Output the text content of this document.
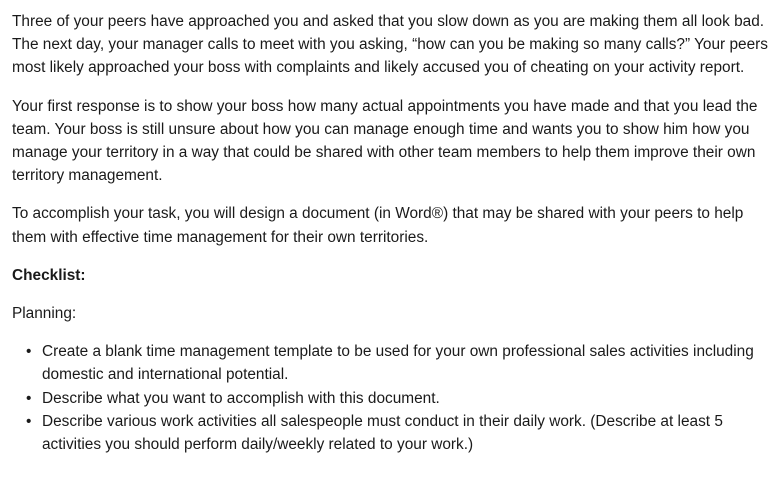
Three of your peers have approached you and asked that you slow down as you are making them all look bad. The next day, your manager calls to meet with you asking, “how can you be making so many calls?” Your peers most likely approached your boss with complaints and likely accused you of cheating on your activity report.

Your first response is to show your boss how many actual appointments you have made and that you lead the team. Your boss is still unsure about how you can manage enough time and wants you to show him how you manage your territory in a way that could be shared with other team members to help them improve their own territory management.

To accomplish your task, you will design a document (in Word®) that may be shared with your peers to help them with effective time management for their own territories.

Checklist:

Planning:

• Create a blank time management template to be used for your own professional sales activities including domestic and international potential.
• Describe what you want to accomplish with this document.
• Describe various work activities all salespeople must conduct in their daily work. (Describe at least 5 activities you should perform daily/weekly related to your work.)
